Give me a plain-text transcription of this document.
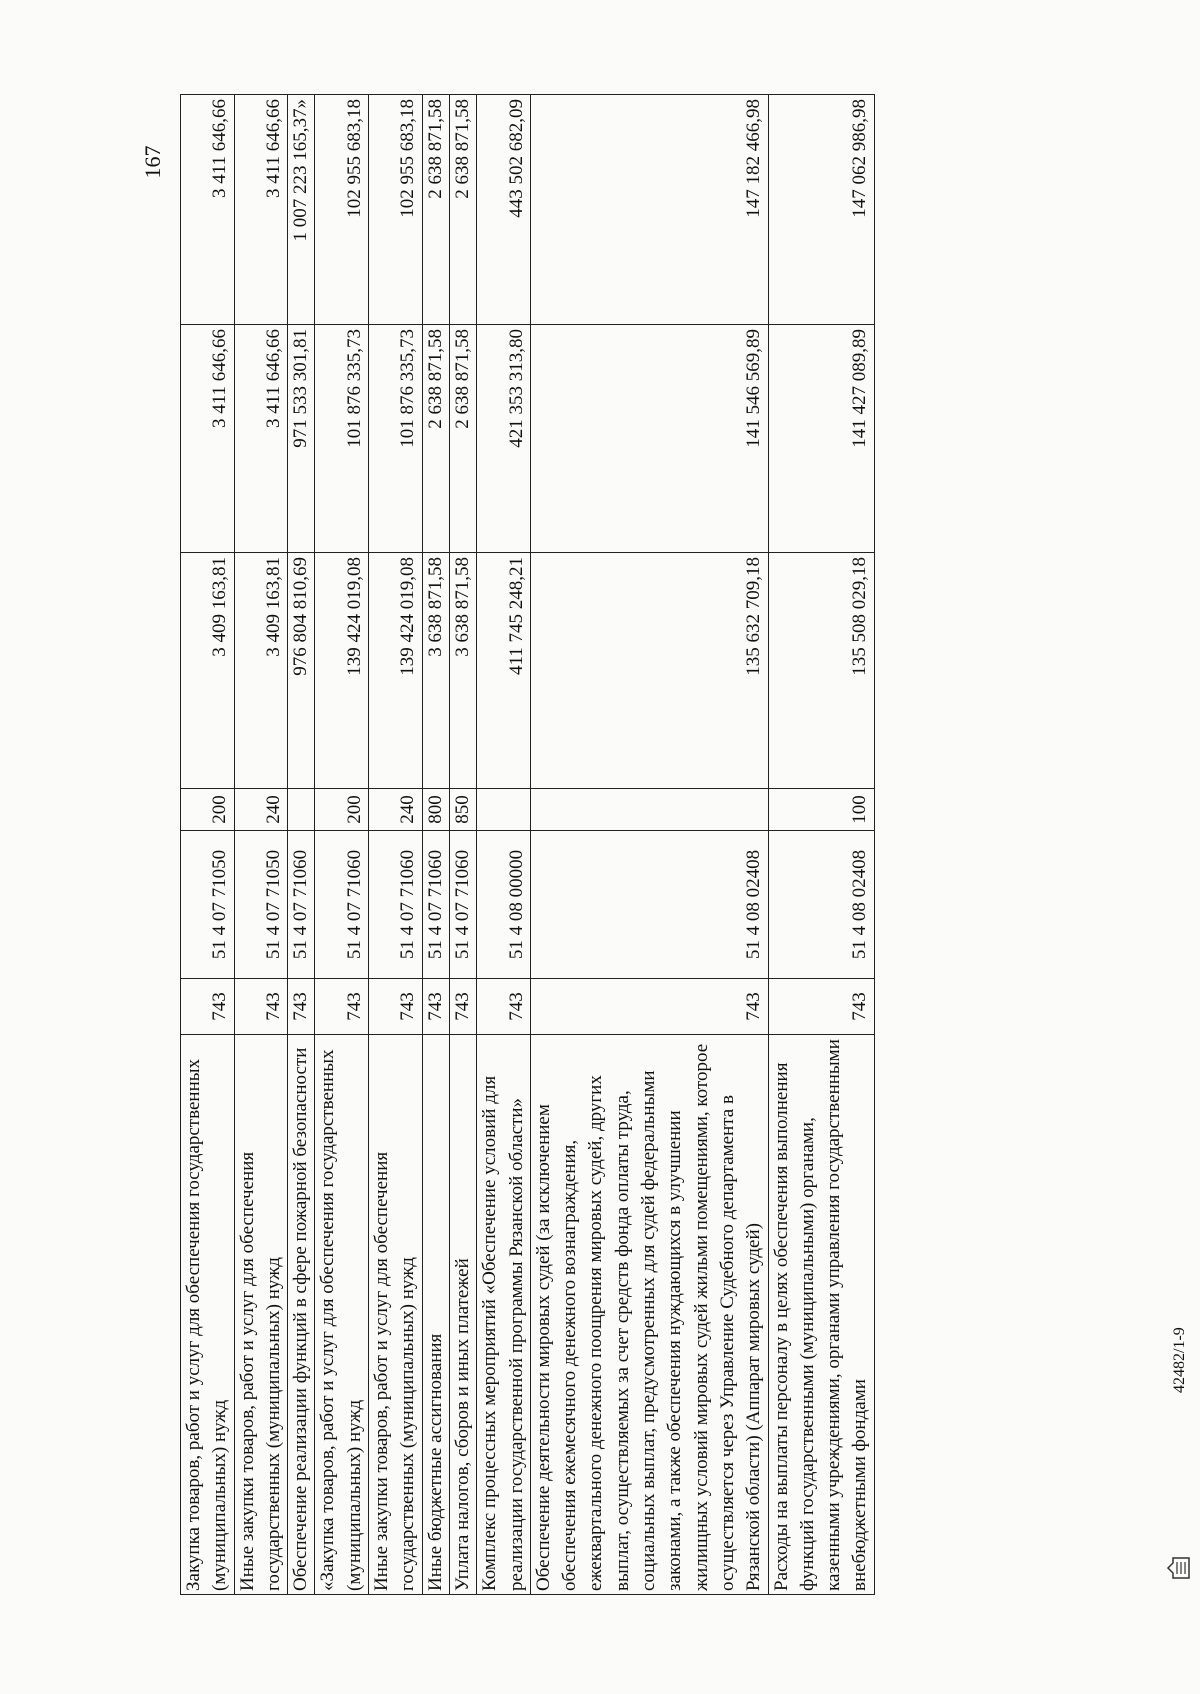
167
Закупка товаров, работ и услуг для обеспечения государственных (муниципальных) нужд	743	51 4 07 71050	200	3 409 163,81	3 411 646,66	3 411 646,66
Иные закупки товаров, работ и услуг для обеспечения государственных (муниципальных) нужд	743	51 4 07 71050	240	3 409 163,81	3 411 646,66	3 411 646,66
Обеспечение реализации функций в сфере пожарной безопасности	743	51 4 07 71060		976 804 810,69	971 533 301,81	1 007 223 165,37»
«Закупка товаров, работ и услуг для обеспечения государственных (муниципальных) нужд	743	51 4 07 71060	200	139 424 019,08	101 876 335,73	102 955 683,18
Иные закупки товаров, работ и услуг для обеспечения государственных (муниципальных) нужд	743	51 4 07 71060	240	139 424 019,08	101 876 335,73	102 955 683,18
Иные бюджетные ассигнования	743	51 4 07 71060	800	3 638 871,58	2 638 871,58	2 638 871,58
Уплата налогов, сборов и иных платежей	743	51 4 07 71060	850	3 638 871,58	2 638 871,58	2 638 871,58
Комплекс процессных мероприятий «Обеспечение условий для реализации государственной программы Рязанской области»	743	51 4 08 00000		411 745 248,21	421 353 313,80	443 502 682,09
Обеспечение деятельности мировых судей (за исключением обеспечения ежемесячного денежного вознаграждения, ежеквартального денежного поощрения мировых судей, других выплат, осуществляемых за счет средств фонда оплаты труда, социальных выплат, предусмотренных для судей федеральными законами, а также обеспечения нуждающихся в улучшении жилищных условий мировых судей жильми помещениями, которое осуществляется через Управление Судебного департамента в Рязанской области) (Аппарат мировых судей)	743	51 4 08 02408		135 632 709,18	141 546 569,89	147 182 466,98
Расходы на выплаты персоналу в целях обеспечения выполнения функций государственными (муниципальными) органами, казенными учреждениями, органами управления государственными внебюджетными фондами	743	51 4 08 02408	100	135 508 029,18	141 427 089,89	147 062 986,98
42482/1-9
